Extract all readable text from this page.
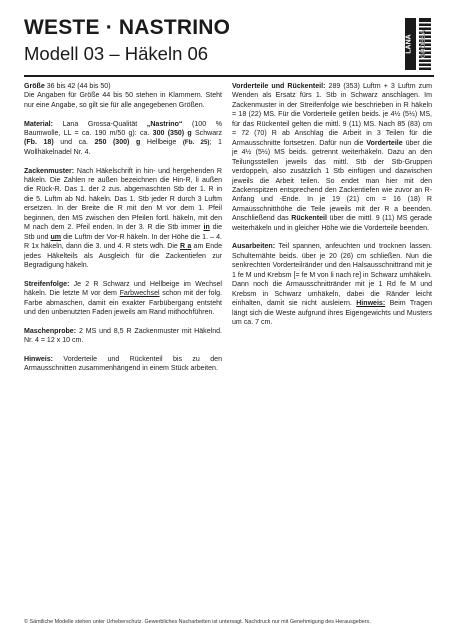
WESTE · NASTRINO
Modell 03 – Häkeln 06	LANA GROSSA

Größe 36 bis 42 (44 bis 50)
Die Angaben für Größe 44 bis 50 stehen in Klammern. Steht nur eine Angabe, so gilt sie für alle angegebenen Größen.

Material: Lana Grossa-Qualität „Nastrino“ (100 % Baumwolle, LL = ca. 190 m/50 g): ca. 300 (350) g Schwarz (Fb. 18) und ca. 250 (300) g Hellbeige (Fb. 25); 1 Wollhäkelnadel Nr. 4.

Zackenmuster: Nach Häkelschrift in hin- und hergehenden R häkeln. Die Zahlen re außen bezeichnen die Hin-R, li außen die Rück-R. Das 1. der 2 zus. abgemaschten Stb der 1. R in die 5. Luftm ab Nd. häkeln. Das 1. Stb jeder R durch 3 Luftm ersetzen. In der Breite die R mit den M vor dem 1. Pfeil beginnen, den MS zwischen den Pfeilen fortl. häkeln, mit den M nach dem 2. Pfeil enden. In der 3. R die Stb immer in die Stb und um die Luftm der Vor-R häkeln. In der Höhe die 1. – 4. R 1x häkeln, dann die 3. und 4. R stets wdh. Die R a am Ende jedes Häkelteils als Ausgleich für die Zackentiefen zur Begradigung häkeln.

Streifenfolge: Je 2 R Schwarz und Hellbeige im Wechsel häkeln. Die letzte M vor dem Farbwechsel schon mit der folg. Farbe abmaschen, damit ein exakter Farbübergang entsteht und den unbenutzten Faden jeweils am Rand mithochführen.

Maschenprobe: 2 MS und 8,5 R Zackenmuster mit Häkelnd. Nr. 4 = 12 x 10 cm.

Hinweis: Vorderteile und Rückenteil bis zu den Armausschnitten zusammenhängend in einem Stück arbeiten.

Vorderteile und Rückenteil: 289 (353) Luftm + 3 Luftm zum Wenden als Ersatz fürs 1. Stb in Schwarz anschlagen. Im Zackenmuster in der Streifenfolge wie beschrieben in R häkeln = 18 (22) MS. Für die Vorderteile getilen beids. je 4½ (5½) MS, für das Rückenteil gelten die mittl. 9 (11) MS. Nach 85 (83) cm = 72 (70) R ab Anschlag die Arbeit in 3 Teilen für die Armausschnitte fortsetzen. Dafür nun die Vorderteile über die je 4½ (5½) MS beids. getrennt weiterhäkeln. Dazu an den Teilungsstellen jeweils das mittl. Stb der Stb-Gruppen verdoppeln, also zusätzlich 1 Stb einfügen und dazwischen jeweils die Arbeit teilen. So endet man hier mit den Zackenspitzen entsprechend den Zackentiefen wie zuvor an R-Anfang und -Ende. In je 19 (21) cm = 16 (18) R Armausschnitthöhe die Teile jeweils mit der R a beenden. Anschließend das Rückenteil über die mittl. 9 (11) MS gerade weiterhäkeln und in gleicher Höhe wie die Vorderteile beenden.

Ausarbeiten: Teil spannen, anfeuchten und trocknen lassen. Schulternähte beids. über je 20 (26) cm schließen. Nun die senkrechten Vorderteilränder und den Halsausschnittrand mit je 1 fe M und Krebsm [= fe M von li nach re] in Schwarz umhäkeln. Dann noch die Armausschnittränder mit je 1 Rd fe M und Krebsm in Schwarz umhäkeln, dabei die Ränder leicht einhalten, damit sie nicht ausleiern. Hinweis: Beim Tragen längt sich die Weste aufgrund ihres Eigengewichts und Musters um ca. 7 cm.

© Sämtliche Modelle stehen unter Urheberschutz. Gewerbliches Nacharbeiten ist untersagt. Nachdruck nur mit Genehmigung des Herausgebers.
